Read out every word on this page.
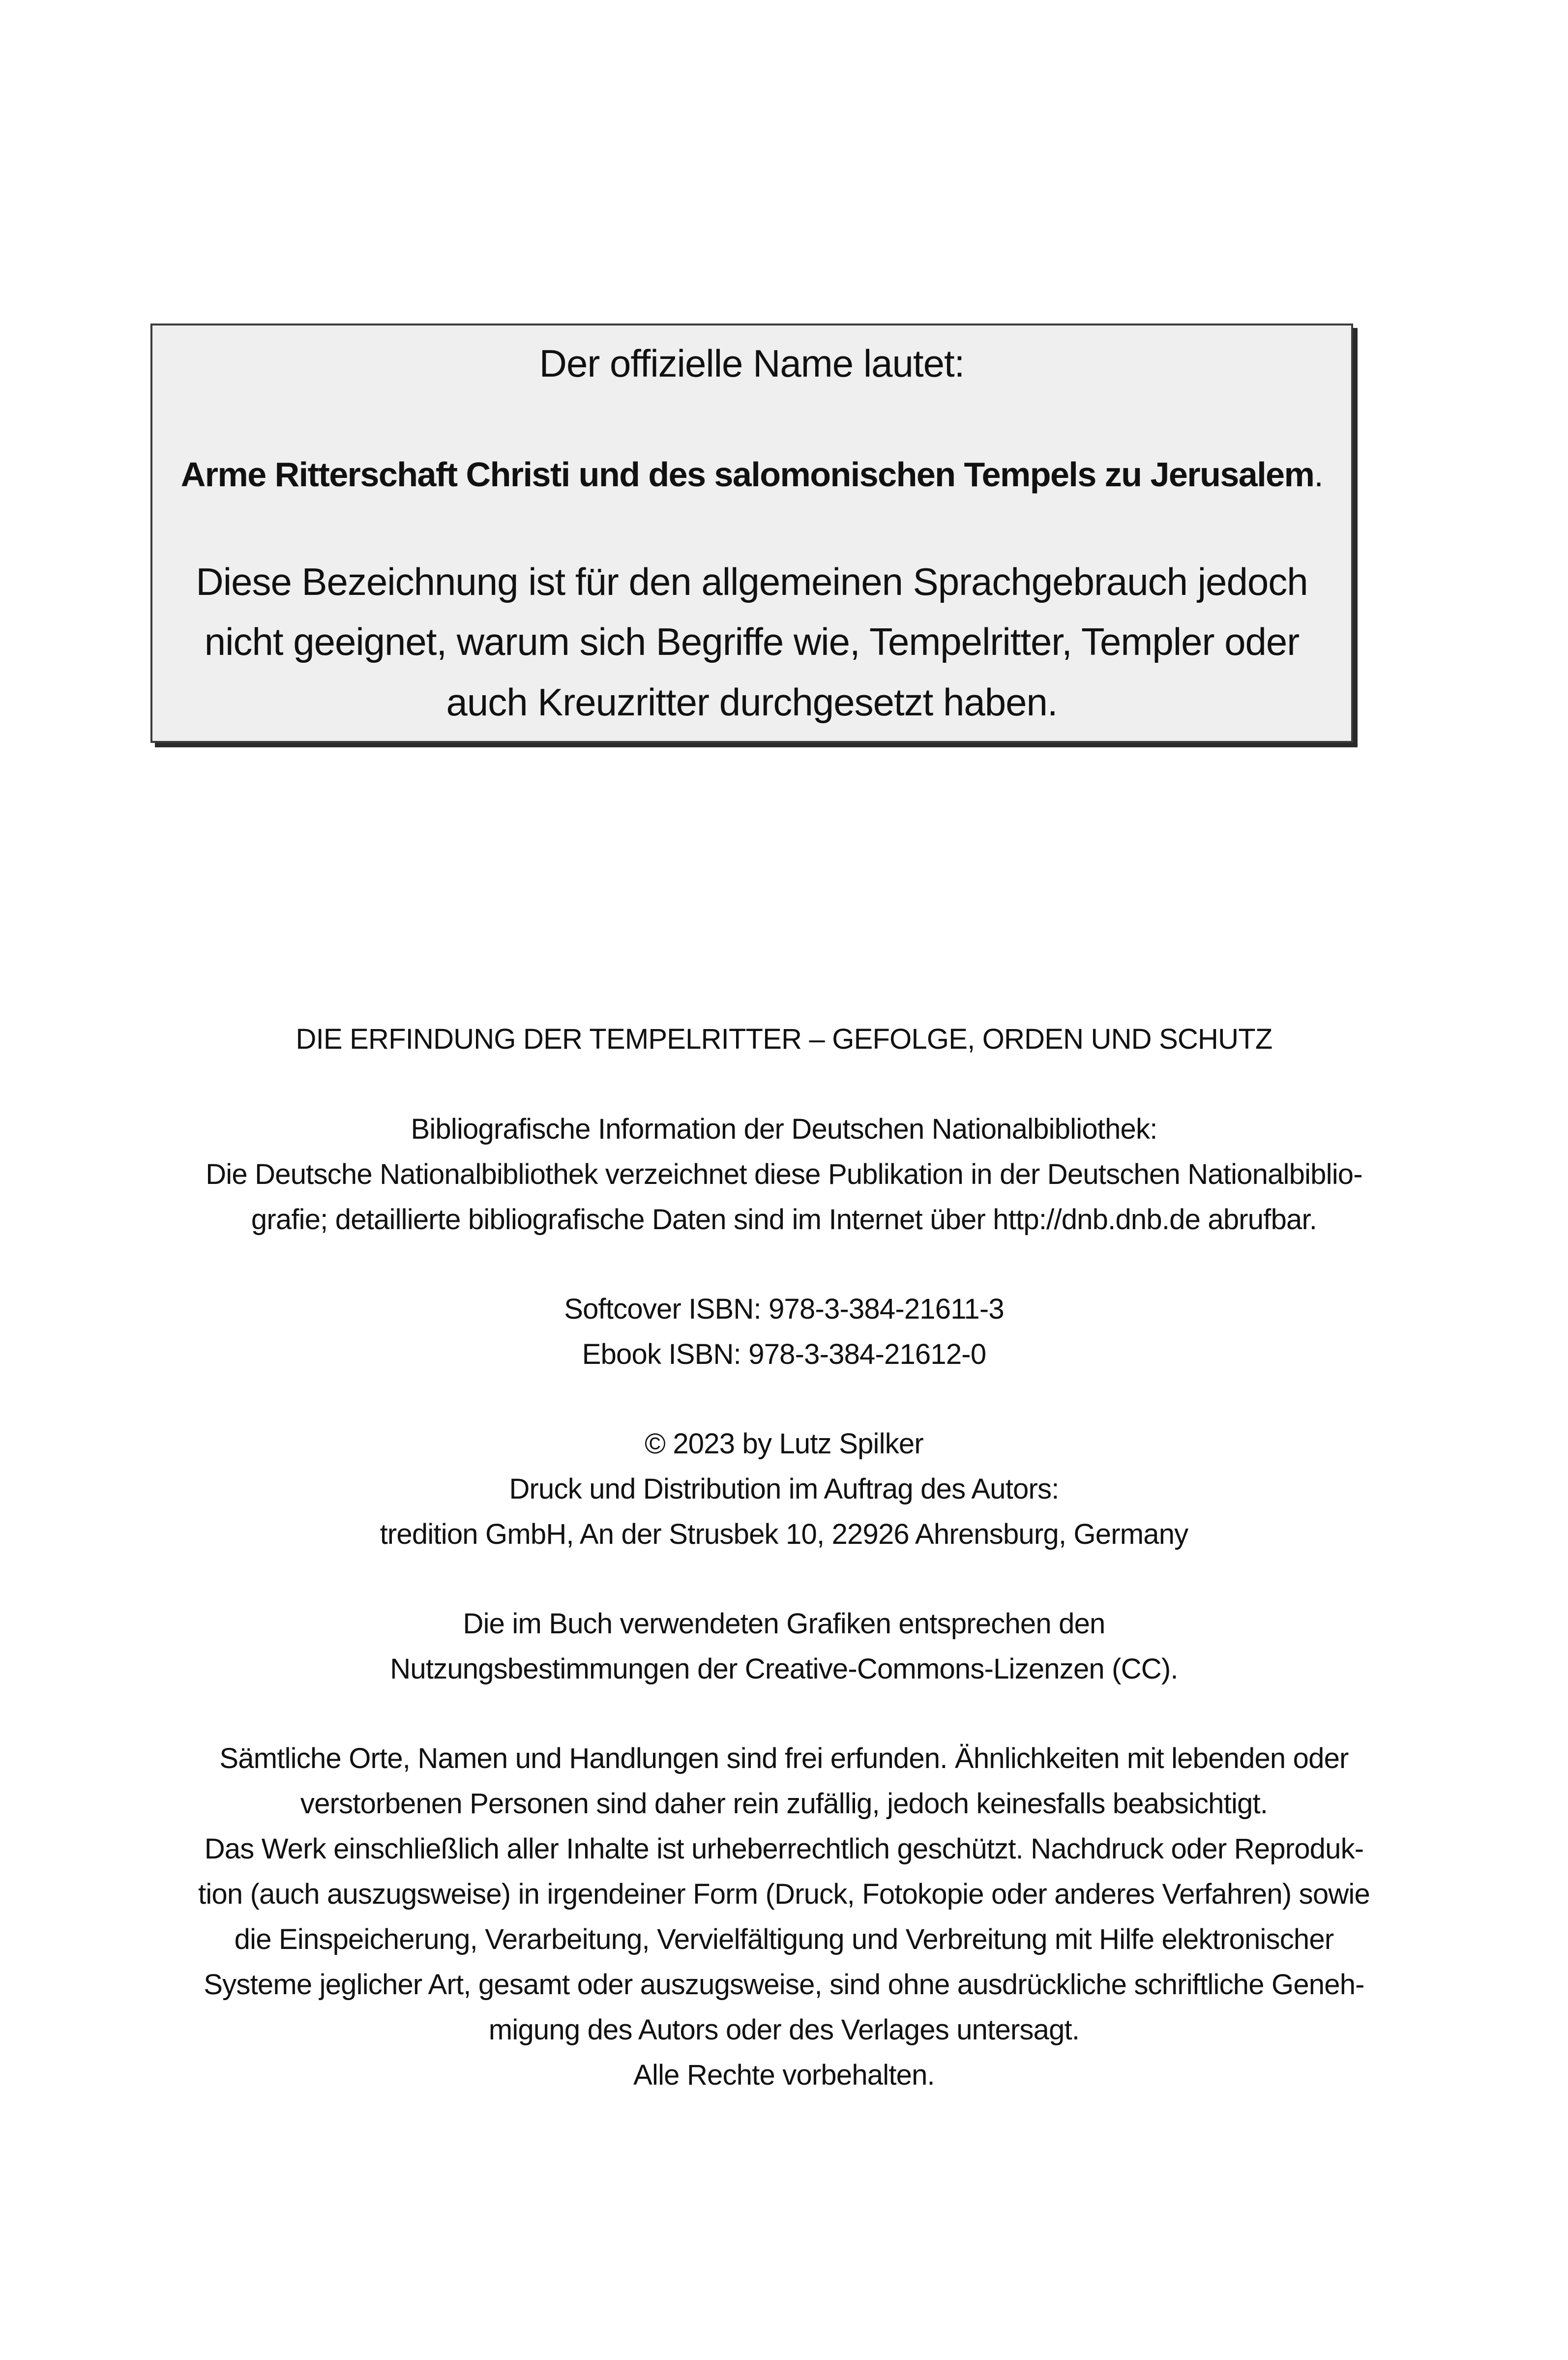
Der offizielle Name lautet:
Arme Ritterschaft Christi und des salomonischen Tempels zu Jerusalem.
Diese Bezeichnung ist für den allgemeinen Sprachgebrauch jedoch
nicht geeignet, warum sich Begriffe wie, Tempelritter, Templer oder
auch Kreuzritter durchgesetzt haben.
DIE ERFINDUNG DER TEMPELRITTER – GEFOLGE, ORDEN UND SCHUTZ
Bibliografische Information der Deutschen Nationalbibliothek:
Die Deutsche Nationalbibliothek verzeichnet diese Publikation in der Deutschen Nationalbiblio-
grafie; detaillierte bibliografische Daten sind im Internet über http://dnb.dnb.de abrufbar.
Softcover ISBN: 978-3-384-21611-3
Ebook ISBN: 978-3-384-21612-0
© 2023 by Lutz Spilker
Druck und Distribution im Auftrag des Autors:
tredition GmbH, An der Strusbek 10, 22926 Ahrensburg, Germany
Die im Buch verwendeten Grafiken entsprechen den
Nutzungsbestimmungen der Creative-Commons-Lizenzen (CC).
Sämtliche Orte, Namen und Handlungen sind frei erfunden. Ähnlichkeiten mit lebenden oder
verstorbenen Personen sind daher rein zufällig, jedoch keinesfalls beabsichtigt.
Das Werk einschließlich aller Inhalte ist urheberrechtlich geschützt. Nachdruck oder Reproduk-
tion (auch auszugsweise) in irgendeiner Form (Druck, Fotokopie oder anderes Verfahren) sowie
die Einspeicherung, Verarbeitung, Vervielfältigung und Verbreitung mit Hilfe elektronischer
Systeme jeglicher Art, gesamt oder auszugsweise, sind ohne ausdrückliche schriftliche Geneh-
migung des Autors oder des Verlages untersagt.
Alle Rechte vorbehalten.
